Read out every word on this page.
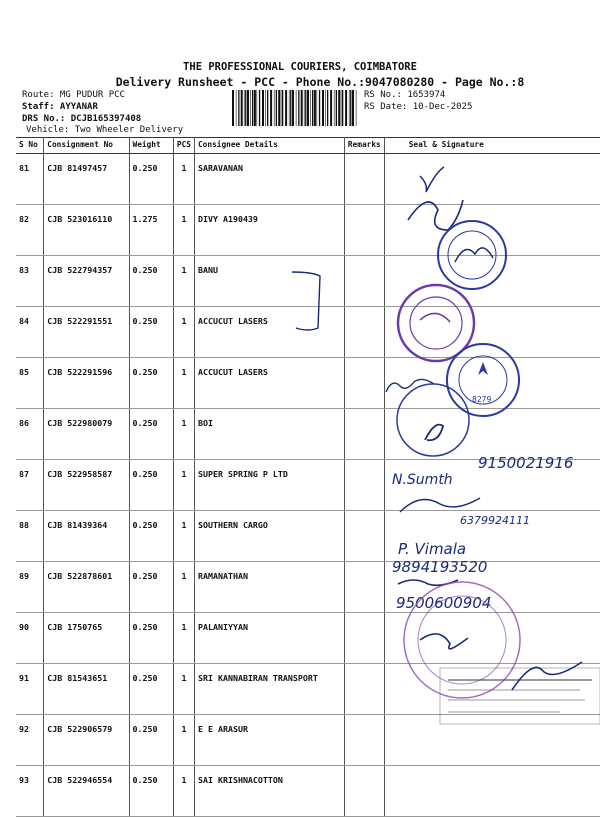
THE PROFESSIONAL COURIERS, COIMBATORE
Delivery Runsheet - PCC - Phone No.:9047080280 - Page No.:8
Route: MG PUDUR PCC
Staff: AYYANAR
DRS No.: DCJB165397408
Vehicle: Two Wheeler Delivery
RS No.: 1653974
RS Date: 10-Dec-2025
S No	Consignment No	Weight	PCS	Consignee Details	Remarks	Seal & Signature
81	CJB 81497457	0.250	1	SARAVANAN		
82	CJB 523016110	1.275	1	DIVY A190439		
83	CJB 522794357	0.250	1	BANU		
84	CJB 522291551	0.250	1	ACCUCUT LASERS		
85	CJB 522291596	0.250	1	ACCUCUT LASERS		
86	CJB 522980079	0.250	1	BOI		
87	CJB 522958587	0.250	1	SUPER SPRING P LTD		
88	CJB 81439364	0.250	1	SOUTHERN CARGO		
89	CJB 522878601	0.250	1	RAMANATHAN		
90	CJB 1750765	0.250	1	PALANIYYAN		
91	CJB 81543651	0.250	1	SRI KANNABIRAN TRANSPORT		
92	CJB 522906579	0.250	1	E E ARASUR		
93	CJB 522946554	0.250	1	SAI KRISHNACOTTON		
8279
9150021916
N.Sumth
6379924111
P. Vimala
9894193520
9500600904
